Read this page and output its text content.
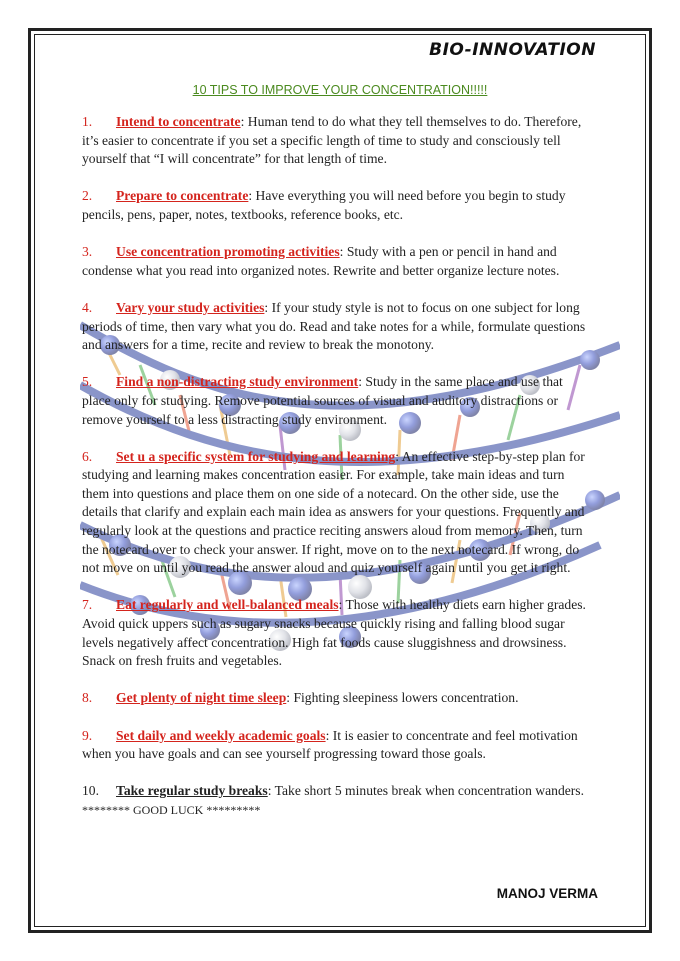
BIO-INNOVATION
10 TIPS TO IMPROVE YOUR CONCENTRATION!!!!!

1. Intend to concentrate: Human tend to do what they tell themselves to do. Therefore, it’s easier to concentrate if you set a specific length of time to study and consciously tell yourself that “I will concentrate” for that length of time.

2. Prepare to concentrate: Have everything you will need before you begin to study pencils, pens, paper, notes, textbooks, reference books, etc.

3. Use concentration promoting activities: Study with a pen or pencil in hand and condense what you read into organized notes. Rewrite and better organize lecture notes.

4. Vary your study activities: If your study style is not to focus on one subject for long periods of time, then vary what you do. Read and take notes for a while, formulate questions and answers for a time, recite and review to break the monotony.

5. Find a non-distracting study environment: Study in the same place and use that place only for studying. Remove potential sources of visual and auditory distractions or remove yourself to a less distracting study environment.

6. Set u a specific system for studying and learning: An effective step-by-step plan for studying and learning makes concentration easier. For example, take main ideas and turn them into questions and place them on one side of a notecard. On the other side, use the details that clarify and explain each main idea as answers for your questions. Frequently and regularly look at the questions and practice reciting answers aloud from memory. Then, turn the notecard over to check your answer. If right, move on to the next notecard. If wrong, do not move on until you read the answer aloud and quiz yourself again until you get it right.

7. Eat regularly and well-balanced meals: Those with healthy diets earn higher grades. Avoid quick uppers such as sugary snacks because quickly rising and falling blood sugar levels negatively affect concentration. High fat foods cause sluggishness and drowsiness. Snack on fresh fruits and vegetables.

8. Get plenty of night time sleep: Fighting sleepiness lowers concentration.

9. Set daily and weekly academic goals: It is easier to concentrate and feel motivation when you have goals and can see yourself progressing toward those goals.

10. Take regular study breaks: Take short 5 minutes break when concentration wanders.

******** GOOD LUCK *********
MANOJ VERMA
